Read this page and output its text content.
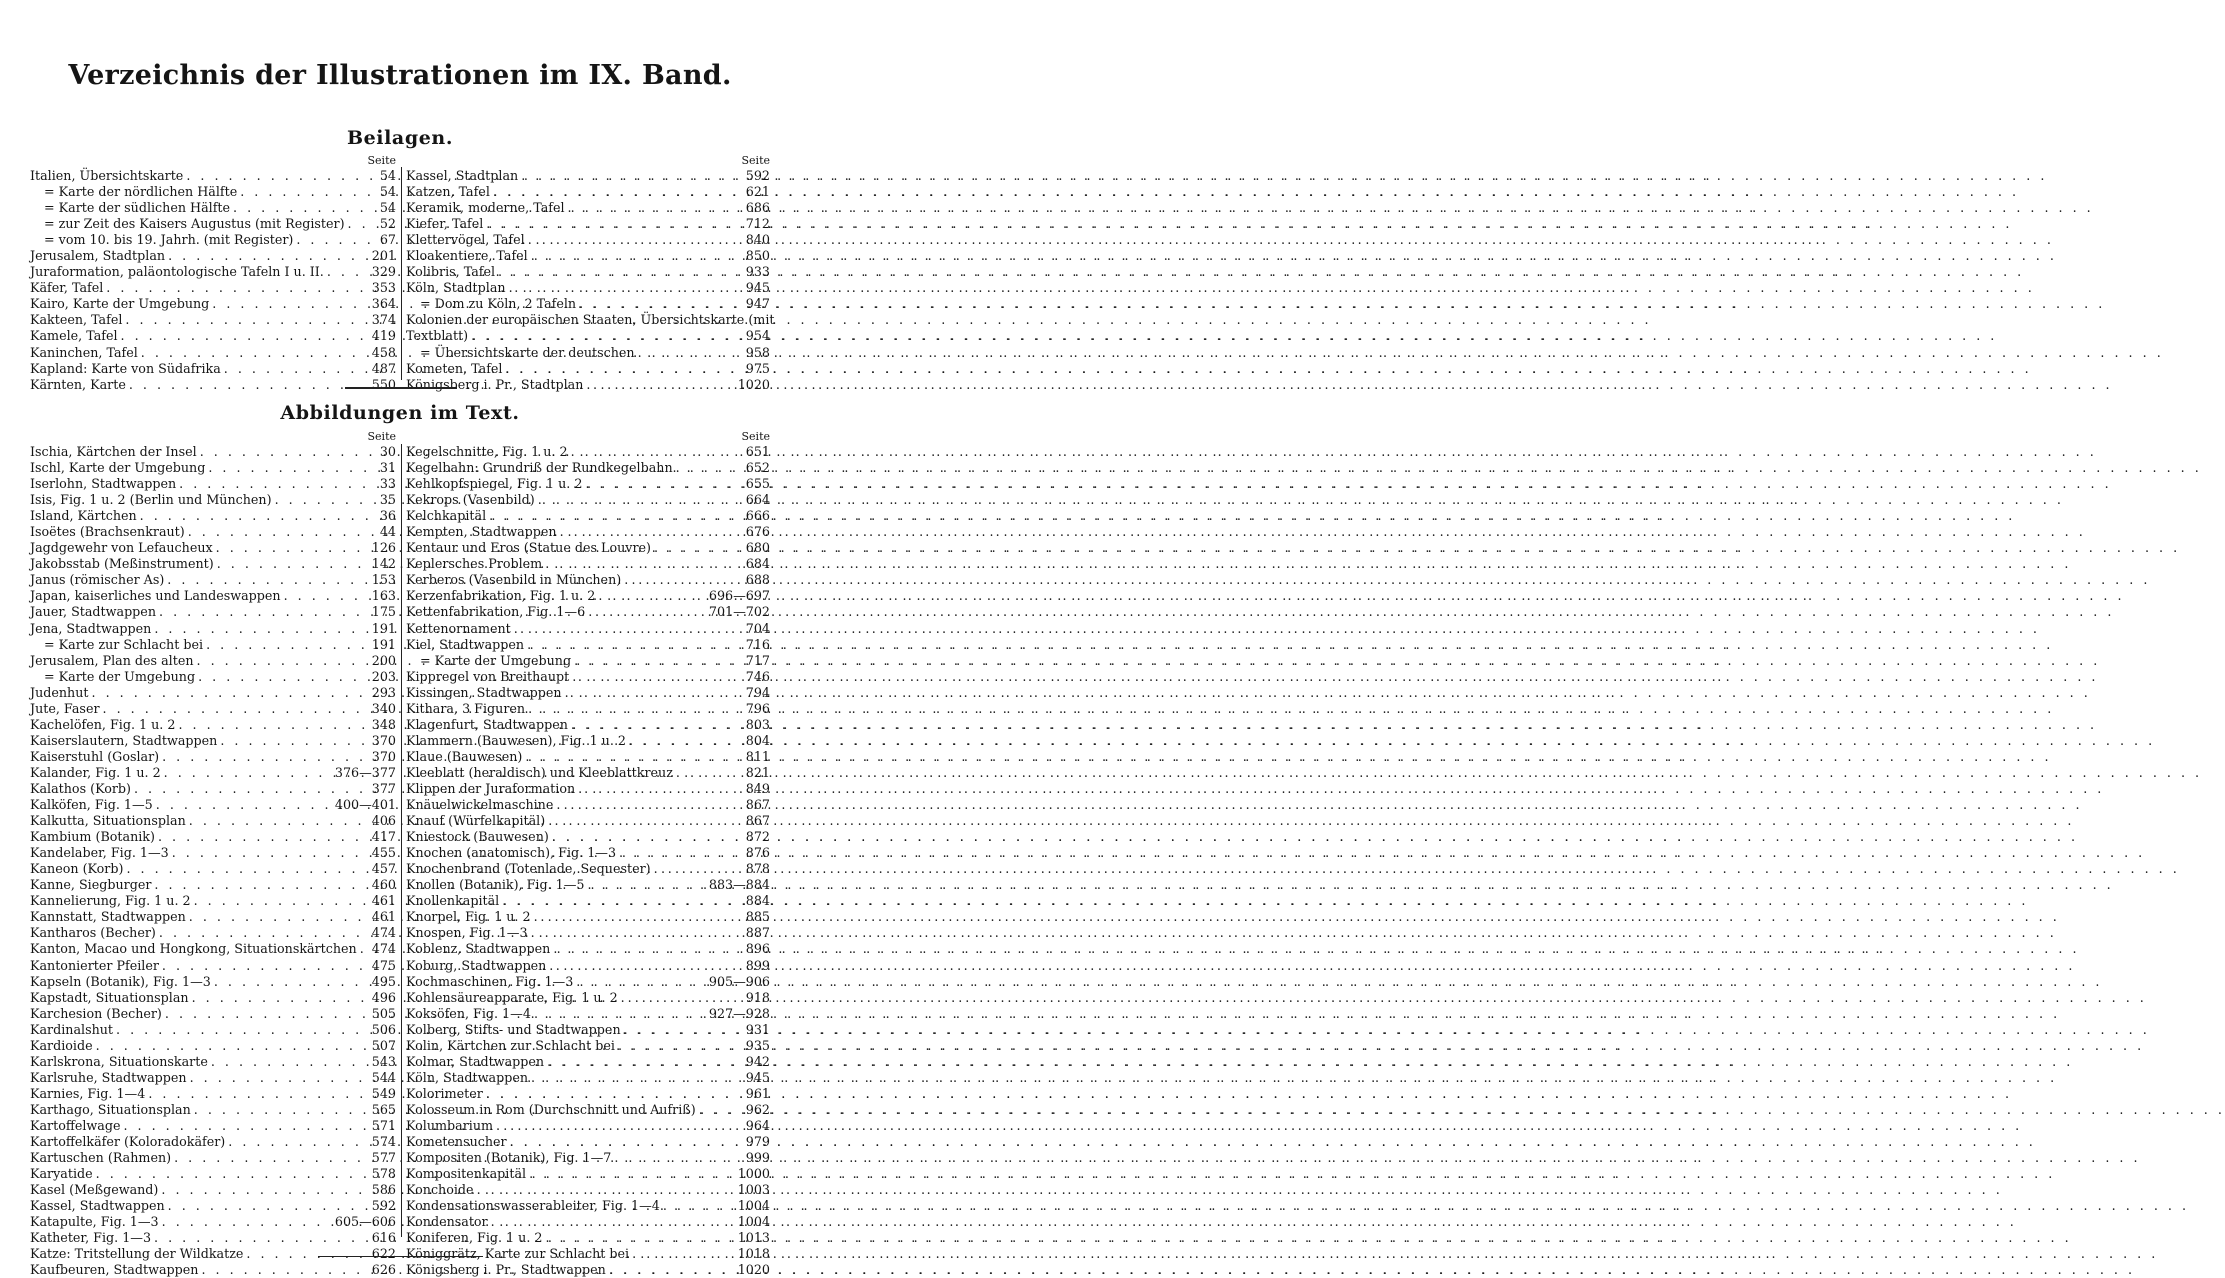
Verzeichnis der Illustrationen im IX. Band.
Beilagen.
Seite
Italien, Übersichtskarte . . .	54
= Karte der nördlichen Hälfte . . .	54
= Karte der südlichen Hälfte . . .	54
= zur Zeit des Kaisers Augustus (mit Register) . . .	52
= vom 10. bis 19. Jahrh. (mit Register) . . .	67
Jerusalem, Stadtplan . . .	201
Juraformation, paläontologische Tafeln I u. II. . . .	329
Käfer, Tafel . . .	353
Kairo, Karte der Umgebung . . .	364
Kakteen, Tafel . . .	374
Kamele, Tafel . . .	419
Kaninchen, Tafel . . .	458
Kapland: Karte von Südafrika . . .	487
Kärnten, Karte . . .	550
Seite
Kassel, Stadtplan . . .	592
Katzen, Tafel . . .	621
Keramik, moderne, Tafel . . .	686
Kiefer, Tafel . . .	712
Klettervögel, Tafel . . .	840
Kloakentiere, Tafel . . .	850
Kolibris, Tafel . . .	933
Köln, Stadtplan . . .	945
= Dom zu Köln, 2 Tafeln . . .	947
Kolonien der europäischen Staaten, Übersichtskarte (mit
Textblatt) . . .	954
= Übersichtskarte der deutschen . . .	958
Kometen, Tafel . . .	975
Königsberg i. Pr., Stadtplan . . .	1020
Abbildungen im Text.
Seite
Ischia, Kärtchen der Insel . . .	30
Ischl, Karte der Umgebung . . .	31
Iserlohn, Stadtwappen . . .	33
Isis, Fig. 1 u. 2 (Berlin und München) . . .	35
Island, Kärtchen . . .	36
Isoëtes (Brachsenkraut) . . .	44
Jagdgewehr von Lefaucheux . . .	126
Jakobsstab (Meßinstrument) . . .	142
Janus (römischer As) . . .	153
Japan, kaiserliches und Landeswappen . . .	163
Jauer, Stadtwappen . . .	175
Jena, Stadtwappen . . .	191
= Karte zur Schlacht bei . . .	191
Jerusalem, Plan des alten . . .	200
= Karte der Umgebung . . .	203
Judenhut . . .	293
Jute, Faser . . .	340
Kachelöfen, Fig. 1 u. 2 . . .	348
Kaiserslautern, Stadtwappen . . .	370
Kaiserstuhl (Goslar) . . .	370
Kalander, Fig. 1 u. 2 . . .	376—377
Kalathos (Korb) . . .	377
Kalköfen, Fig. 1—5 . . .	400—401
Kalkutta, Situationsplan . . .	406
Kambium (Botanik) . . .	417
Kandelaber, Fig. 1—3 . . .	455
Kaneon (Korb) . . .	457
Kanne, Siegburger . . .	460
Kannelierung, Fig. 1 u. 2 . . .	461
Kannstatt, Stadtwappen . . .	461
Kantharos (Becher) . . .	474
Kanton, Macao und Hongkong, Situationskärtchen . . . 474
Kantonierter Pfeiler . . .	475
Kapseln (Botanik), Fig. 1—3 . . .	495
Kapstadt, Situationsplan . . .	496
Karchesion (Becher) . . .	505
Kardinalshut . . .	506
Kardioide . . .	507
Karlskrona, Situationskarte . . .	543
Karlsruhe, Stadtwappen . . .	544
Karnies, Fig. 1—4 . . .	549
Karthago, Situationsplan . . .	565
Kartoffelwage . . .	571
Kartoffelkäfer (Koloradokäfer) . . .	574
Kartuschen (Rahmen) . . .	577
Karyatide . . .	578
Kasel (Meßgewand) . . .	586
Kassel, Stadtwappen . . .	592
Katapulte, Fig. 1—3 . . .	605—606
Katheter, Fig. 1—3 . . .	616
Katze: Tritstellung der Wildkatze . . .	622
Kaufbeuren, Stadtwappen . . .	626
Seite
Kegelschnitte, Fig. 1 u. 2 . . .	651
Kegelbahn: Grundriß der Rundkegelbahn . . .	652
Kehlkopfspiegel, Fig. 1 u. 2 . . .	655
Kekrops (Vasenbild) . . .	664
Kelchkapitäl . . .	666
Kempten, Stadtwappen . . .	676
Kentaur und Eros (Statue des Louvre) . . .	680
Keplersches Problem . . .	684
Kerberos (Vasenbild in München) . . .	688
Kerzenfabrikation, Fig. 1 u. 2 . . .	696—697
Kettenfabrikation, Fig. 1—6 . . .	701—702
Kettenornament . . .	704
Kiel, Stadtwappen . . .	716
= Karte der Umgebung . . .	717
Kippregel von Breithaupt . . .	746
Kissingen, Stadtwappen . . .	794
Kithara, 3 Figuren . . .	796
Klagenfurt, Stadtwappen . . .	803
Klammern (Bauwesen), Fig. 1 u. 2 . . .	804
Klaue (Bauwesen) . . .	811
Kleeblatt (heraldisch) und Kleeblattkreuz . . .	821
Klippen der Juraformation . . .	849
Knäuelwickelmaschine . . .	867
Knauf (Würfelkapitäl) . . .	867
Kniestock (Bauwesen) . . .	872
Knochen (anatomisch), Fig. 1—3 . . .	876
Knochenbrand (Totenlade, Sequester) . . .	878
Knollen (Botanik), Fig. 1—5 . . .	883—884
Knollenkapitäl . . .	884
Knorpel, Fig. 1 u. 2 . . .	885
Knospen, Fig. 1—3 . . .	887
Koblenz, Stadtwappen . . .	896
Koburg, Stadtwappen . . .	899
Kochmaschinen, Fig. 1—3 . . .	905—906
Kohlensäureapparate, Fig. 1 u. 2 . . .	918
Koksöfen, Fig. 1—4 . . .	927—928
Kolberg, Stifts- und Stadtwappen . . .	931
Kolin, Kärtchen zur Schlacht bei . . .	935
Kolmar, Stadtwappen . . .	942
Köln, Stadtwappen . . .	945
Kolorimeter . . .	961
Kolosseum in Rom (Durchschnitt und Aufriß) . . .	962
Kolumbarium . . .	964
Kometensucher . . .	979
Kompositen (Botanik), Fig. 1—7 . . .	999
Kompositenkapitäl . . .	1000
Konchoide . . .	1003
Kondensationswasserableiter, Fig. 1—4 . . .	1004
Kondensator . . .	1004
Koniferen, Fig. 1 u. 2 . . .	1013
Königgrätz, Karte zur Schlacht bei . . .	1018
Königsberg i. Pr., Stadtwappen . . .	1020
